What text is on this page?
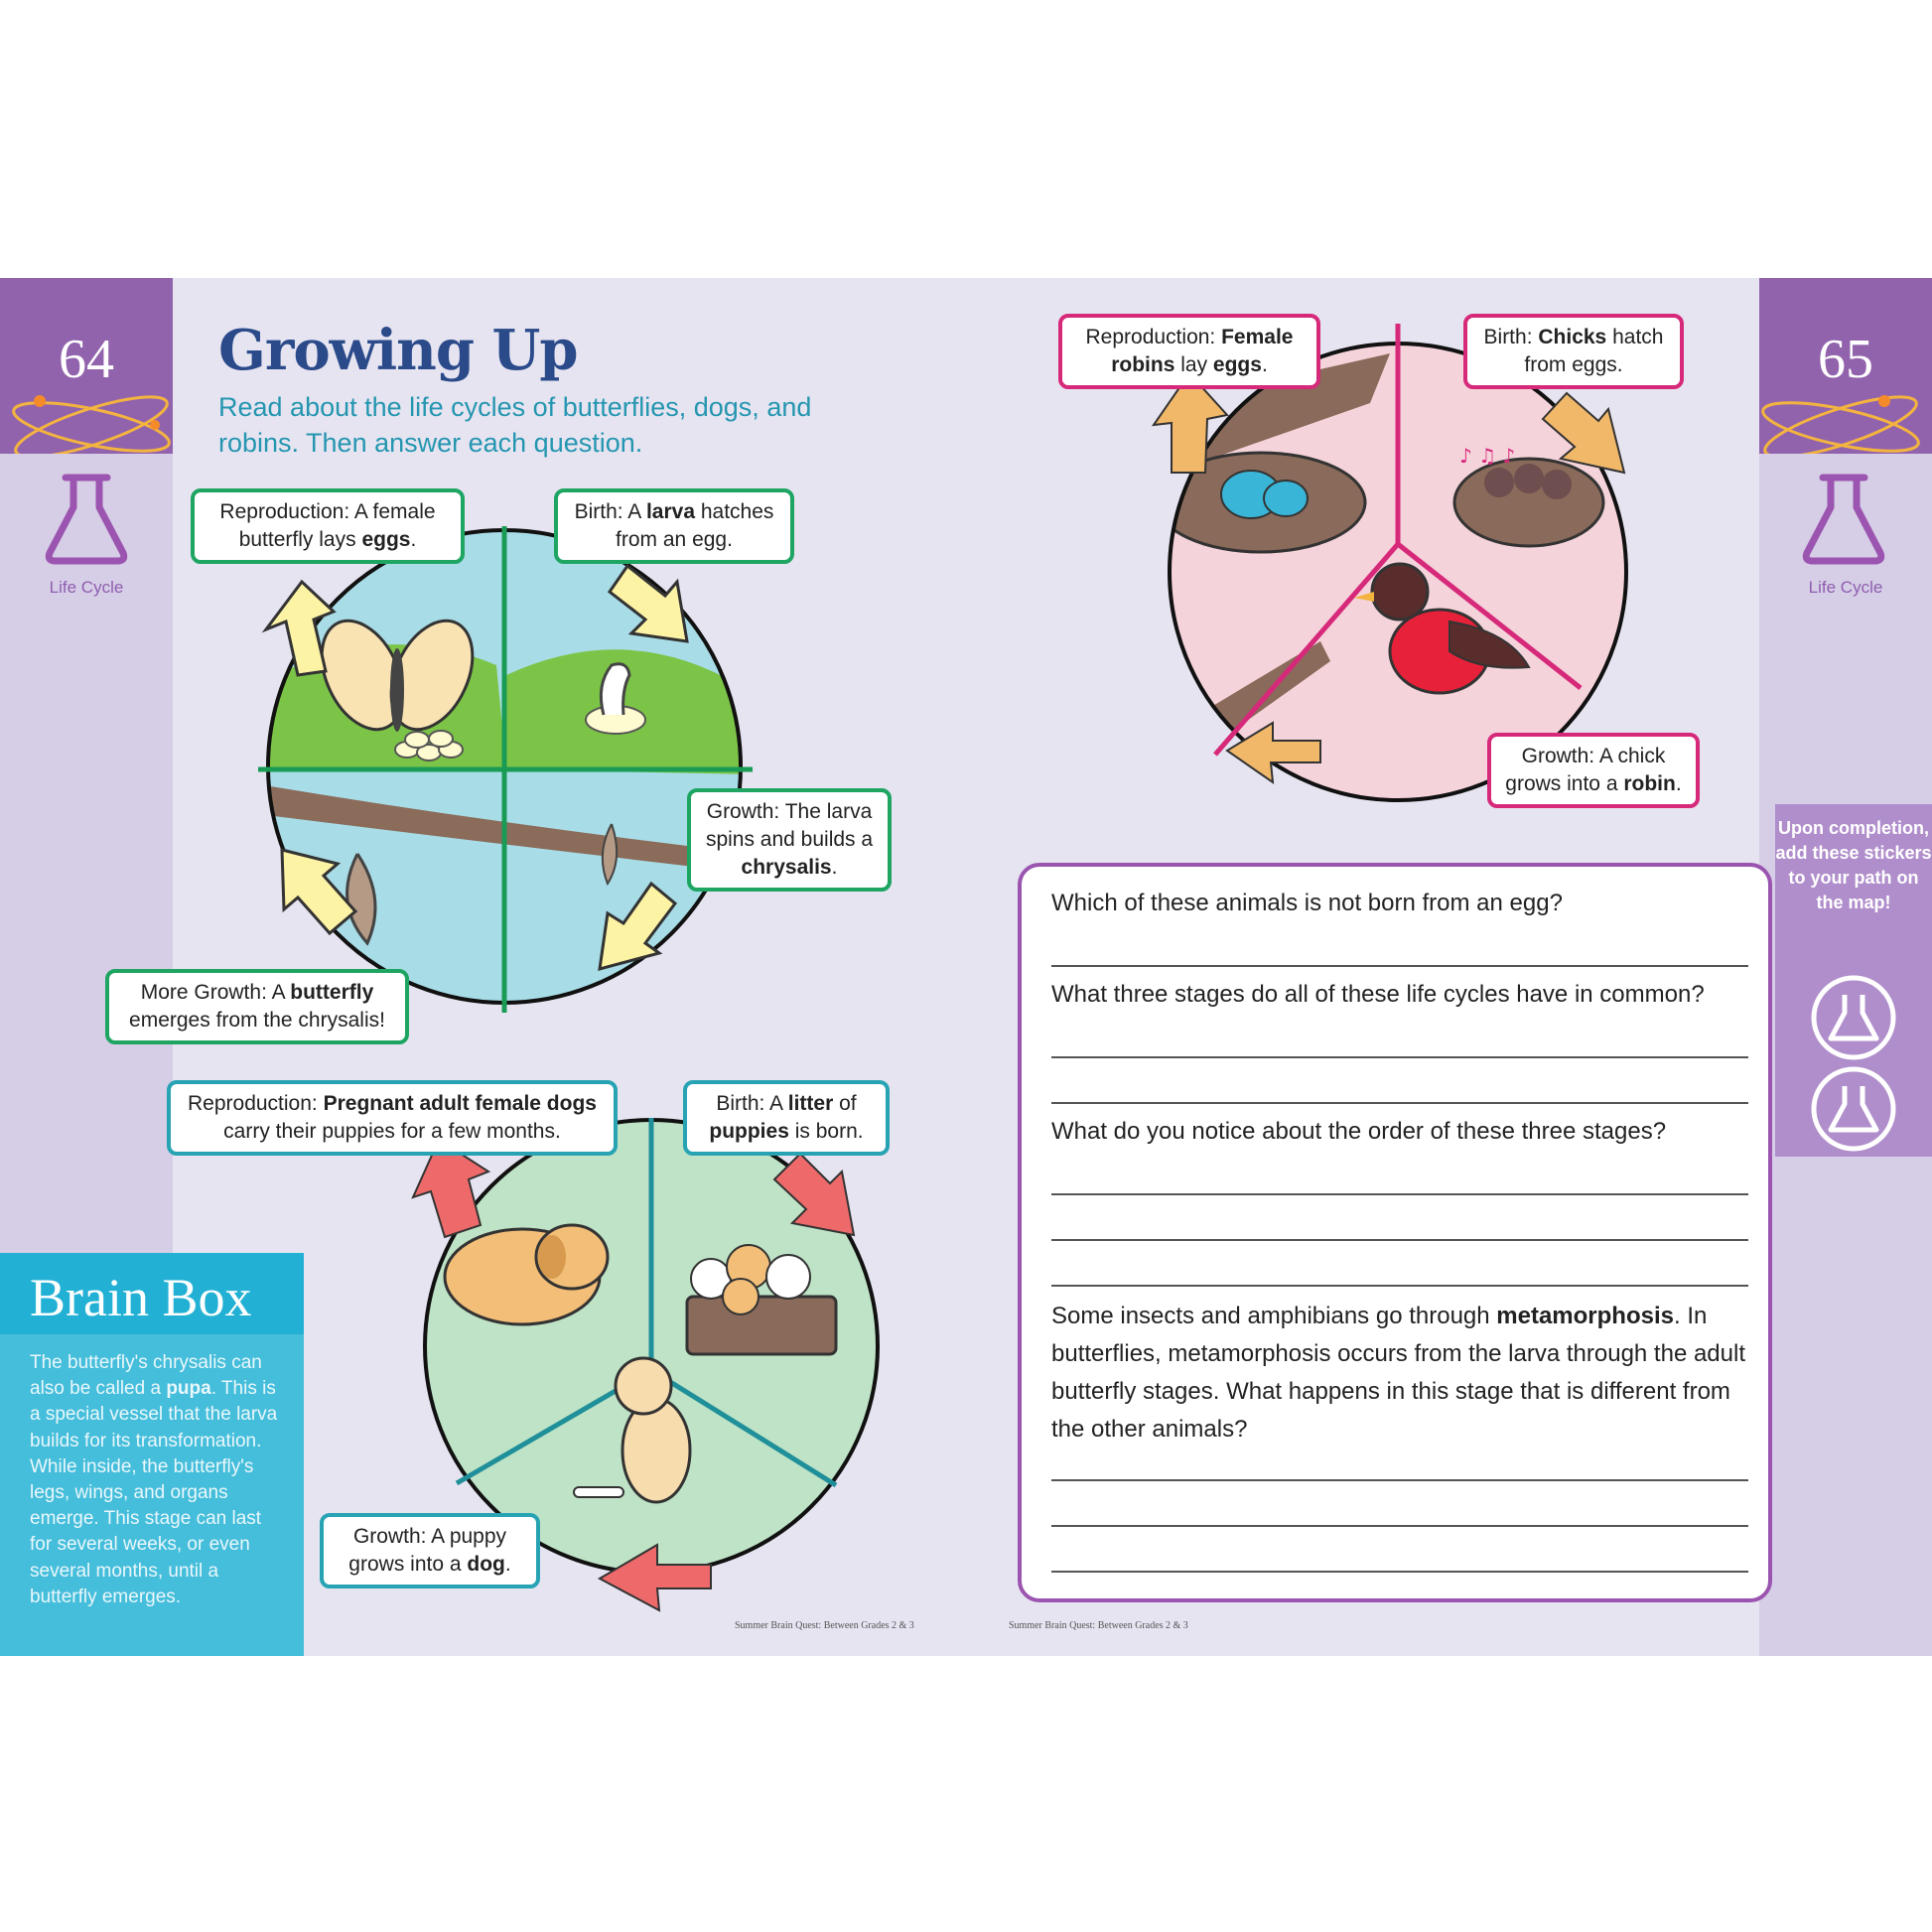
64
Life Cycle
65
Life Cycle
Growing Up
Read about the life cycles of butterflies, dogs, and robins. Then answer each question.
Reproduction: A female butterfly lays eggs.
Birth: A larva hatches from an egg.
Growth: The larva spins and builds a chrysalis.
More Growth: A butterfly emerges from the chrysalis!
♪ ♫ ♪
Reproduction: Female robins lay eggs.
Birth: Chicks hatch from eggs.
Growth: A chick grows into a robin.
Reproduction: Pregnant adult female dogs carry their puppies for a few months.
Birth: A litter of puppies is born.
Growth: A puppy grows into a dog.
Brain Box
The butterfly's chrysalis can also be called a pupa. This is a special vessel that the larva builds for its transformation. While inside, the butterfly's legs, wings, and organs emerge. This stage can last for several weeks, or even several months, until a butterfly emerges.
Which of these animals is not born from an egg?
What three stages do all of these life cycles have in common?
What do you notice about the order of these three stages?
Some insects and amphibians go through metamorphosis. In butterflies, metamorphosis occurs from the larva through the adult butterfly stages. What happens in this stage that is different from the other animals?
Upon completion, add these stickers to your path on the map!
Summer Brain Quest: Between Grades 2 & 3	Summer Brain Quest: Between Grades 2 & 3
